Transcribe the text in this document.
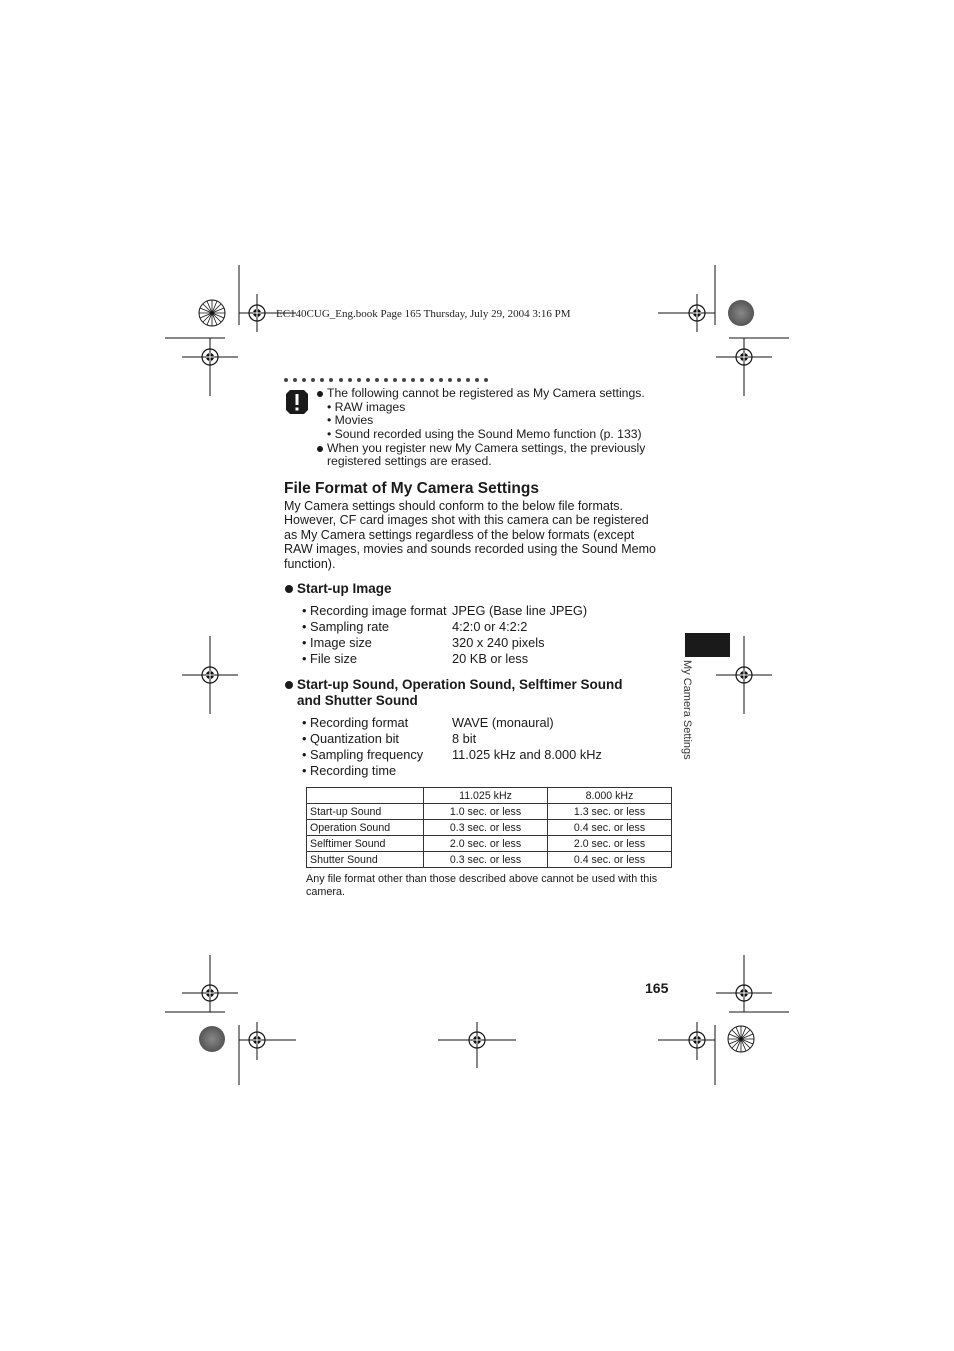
EC140CUG_Eng.book Page 165 Thursday, July 29, 2004 3:16 PM
The following cannot be registered as My Camera settings.
• RAW images
• Movies
• Sound recorded using the Sound Memo function (p. 133)
When you register new My Camera settings, the previously
registered settings are erased.
File Format of My Camera Settings
My Camera settings should conform to the below file formats.
However, CF card images shot with this camera can be registered
as My Camera settings regardless of the below formats (except
RAW images, movies and sounds recorded using the Sound Memo
function).
Start-up Image
• Recording image format JPEG (Base line JPEG)
• Sampling rate	4:2:0 or 4:2:2
• Image size	320 x 240 pixels
• File size	20 KB or less
Start-up Sound, Operation Sound, Selftimer Sound
and Shutter Sound
• Recording format	WAVE (monaural)
• Quantization bit	8 bit
• Sampling frequency 11.025 kHz and 8.000 kHz
• Recording time
	11.025 kHz	8.000 kHz
Start-up Sound	1.0 sec. or less	1.3 sec. or less
Operation Sound	0.3 sec. or less	0.4 sec. or less
Selftimer Sound	2.0 sec. or less	2.0 sec. or less
Shutter Sound	0.3 sec. or less	0.4 sec. or less
Any file format other than those described above cannot be used with this
camera.
My Camera Settings
165
